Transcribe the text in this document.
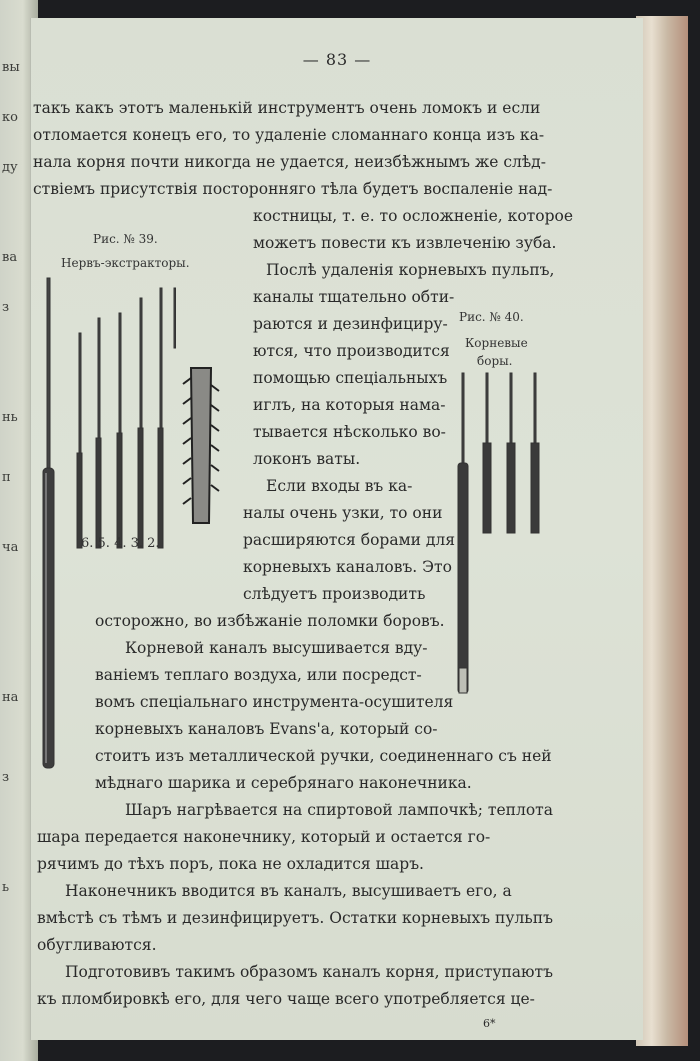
вы
ко
ду
ва
з
нь
п
ча
на
з
ь
— 83 —
Рис. № 39.
Нервъ-экстракторы.
6. 5. 4. 3. 2.
Рис. № 40.
Корневые
боры.
такъ какъ этотъ маленькій инструментъ очень ломокъ и если
отломается конецъ его, то удаленіе сломаннаго конца изъ ка-
нала корня почти никогда не удается, неизбѣжнымъ же слѣд-
ствіемъ присутствія посторонняго тѣла будетъ воспаленіе над-
костницы, т. е. то осложненіе, которое
можетъ повести къ извлеченію зуба.
Послѣ удаленія корневыхъ пульпъ,
каналы тщательно обти-
раются и дезинфициру-
ются, что производится
помощью спеціальныхъ
иглъ, на которыя нама-
тывается нѣсколько во-
локонъ ваты.
Если входы въ ка-
налы очень узки, то они
расширяются борами для
корневыхъ каналовъ. Это
слѣдуетъ производить
осторожно, во избѣжаніе поломки боровъ.
Корневой каналъ высушивается вду-
ваніемъ теплаго воздуха, или посредст-
вомъ спеціальнаго инструмента-осушителя
корневыхъ каналовъ Evans'a, который со-
стоитъ изъ металлической ручки, соединеннаго съ ней
мѣднаго шарика и серебрянаго наконечника.
Шаръ нагрѣвается на спиртовой лампочкѣ; теплота
шара передается наконечнику, который и остается го-
рячимъ до тѣхъ поръ, пока не охладится шаръ.
Наконечникъ вводится въ каналъ, высушиваетъ его, а
вмѣстѣ съ тѣмъ и дезинфицируетъ. Остатки корневыхъ пульпъ
обугливаются.
Подготовивъ такимъ образомъ каналъ корня, приступаютъ
къ пломбировкѣ его, для чего чаще всего употребляется це-
6*
